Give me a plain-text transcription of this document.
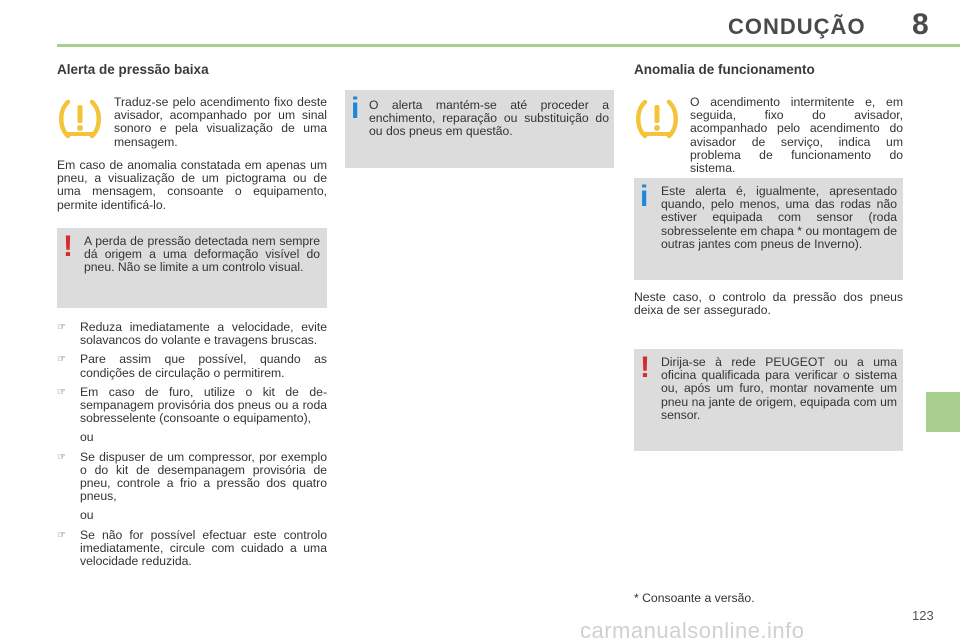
CONDUÇÃO 8
Alerta de pressão baixa

Traduz-se pelo acendimento fixo deste avisador, acompanhado por um sinal sonoro e pela visualização de uma mensagem.

Em caso de anomalia constatada em apenas um pneu, a visualização de um pictograma ou de uma mensagem, consoante o equipamento, permite identificá-lo.

! A perda de pressão detectada nem sempre dá origem a uma deformação visível do pneu. Não se limite a um controlo visual.

☞ Reduza imediatamente a velocidade, evite solavancos do volante e travagens bruscas.
☞ Pare assim que possível, quando as condições de circulação o permitirem.
☞ Em caso de furo, utilize o kit de desempanagem provisória dos pneus ou a roda sobresselente (consoante o equipamento),
ou
☞ Se dispuser de um compressor, por exemplo o do kit de desempanagem provisória de pneu, controle a frio a pressão dos quatro pneus,
ou
☞ Se não for possível efectuar este controlo imediatamente, circule com cuidado a uma velocidade reduzida.
i O alerta mantém-se até proceder a enchimento, reparação ou substituição do ou dos pneus em questão.

Anomalia de funcionamento

O acendimento intermitente e, em seguida, fixo do avisador, acompanhado pelo acendimento do avisador de serviço, indica um problema de funcionamento do sistema.

i Este alerta é, igualmente, apresentado quando, pelo menos, uma das rodas não estiver equipada com sensor (roda sobresselente em chapa * ou montagem de outras jantes com pneus de Inverno).

Neste caso, o controlo da pressão dos pneus deixa de ser assegurado.

! Dirija-se à rede PEUGEOT ou a uma oficina qualificada para verificar o sistema ou, após um furo, montar novamente um pneu na jante de origem, equipada com um sensor.

* Consoante a versão.

123
carmanualsonline.info
